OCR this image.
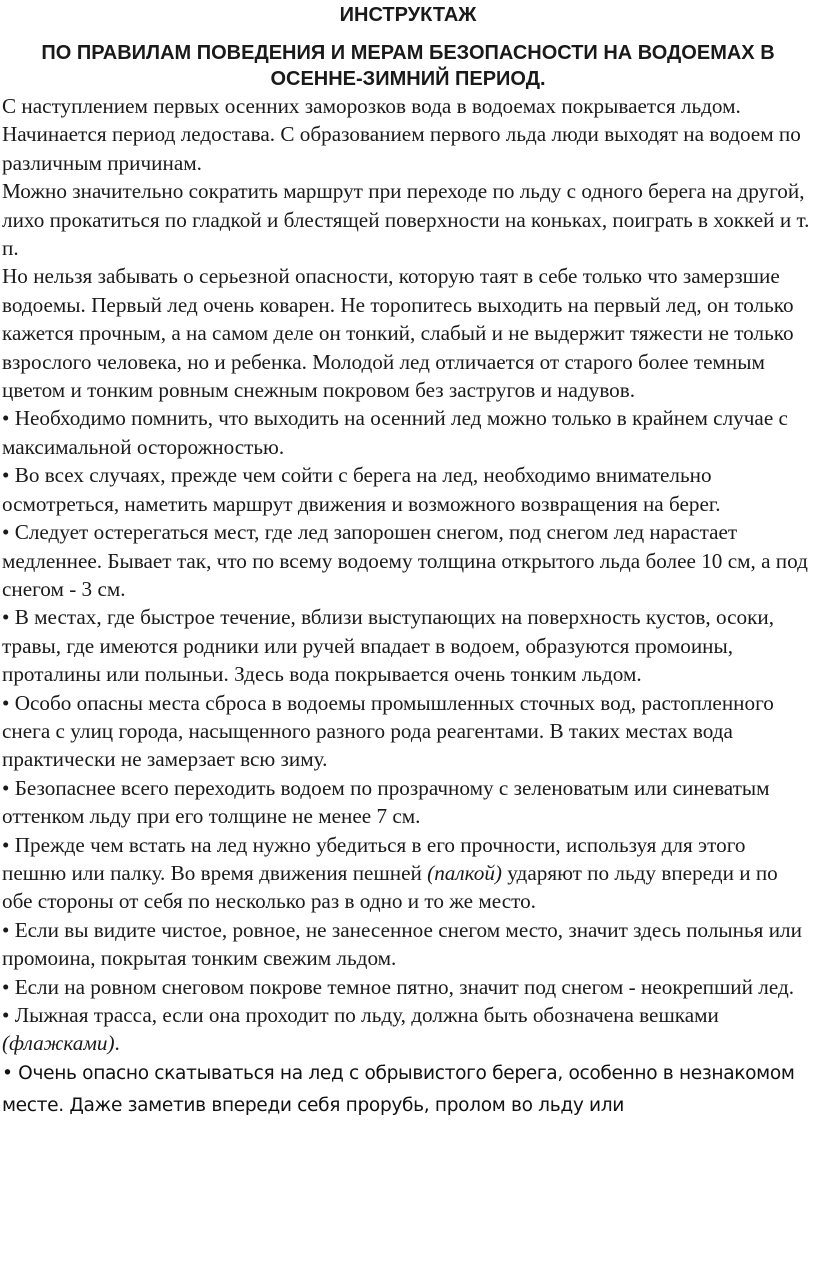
ИНСТРУКТАЖ
ПО ПРАВИЛАМ ПОВЕДЕНИЯ И МЕРАМ БЕЗОПАСНОСТИ НА ВОДОЕМАХ В
ОСЕННЕ-ЗИМНИЙ ПЕРИОД.

С наступлением первых осенних заморозков вода в водоемах покрывается льдом. Начинается период ледостава. С образованием первого льда люди выходят на водоем по различным причинам.

Можно значительно сократить маршрут при переходе по льду с одного берега на другой, лихо прокатиться по гладкой и блестящей поверхности на коньках, поиграть в хоккей и т. п.

Но нельзя забывать о серьезной опасности, которую таят в себе только что замерзшие водоемы. Первый лед очень коварен. Не торопитесь выходить на первый лед, он только кажется прочным, а на самом деле он тонкий, слабый и не выдержит тяжести не только взрослого человека, но и ребенка. Молодой лед отличается от старого более темным цветом и тонким ровным снежным покровом без застругов и надувов.

• Необходимо помнить, что выходить на осенний лед можно только в крайнем случае с максимальной осторожностью.

• Во всех случаях, прежде чем сойти с берега на лед, необходимо внимательно осмотреться, наметить маршрут движения и возможного возвращения на берег.

• Следует остерегаться мест, где лед запорошен снегом, под снегом лед нарастает медленнее. Бывает так, что по всему водоему толщина открытого льда более 10 см, а под снегом - 3 см.

• В местах, где быстрое течение, вблизи выступающих на поверхность кустов, осоки, травы, где имеются родники или ручей впадает в водоем, образуются промоины, проталины или полыньи. Здесь вода покрывается очень тонким льдом.

• Особо опасны места сброса в водоемы промышленных сточных вод, растопленного снега с улиц города, насыщенного разного рода реагентами. В таких местах вода практически не замерзает всю зиму.

• Безопаснее всего переходить водоем по прозрачному с зеленоватым или синеватым оттенком льду при его толщине не менее 7 см.

• Прежде чем встать на лед нужно убедиться в его прочности, используя для этого пешню или палку. Во время движения пешней (палкой) ударяют по льду впереди и по обе стороны от себя по несколько раз в одно и то же место.

• Если вы видите чистое, ровное, не занесенное снегом место, значит здесь полынья или промоина, покрытая тонким свежим льдом.

• Если на ровном снеговом покрове темное пятно, значит под снегом - неокрепший лед.

• Лыжная трасса, если она проходит по льду, должна быть обозначена вешками (флажками).

• Очень опасно скатываться на лед с обрывистого берега, особенно в незнакомом месте. Даже заметив впереди себя прорубь, пролом во льду или
